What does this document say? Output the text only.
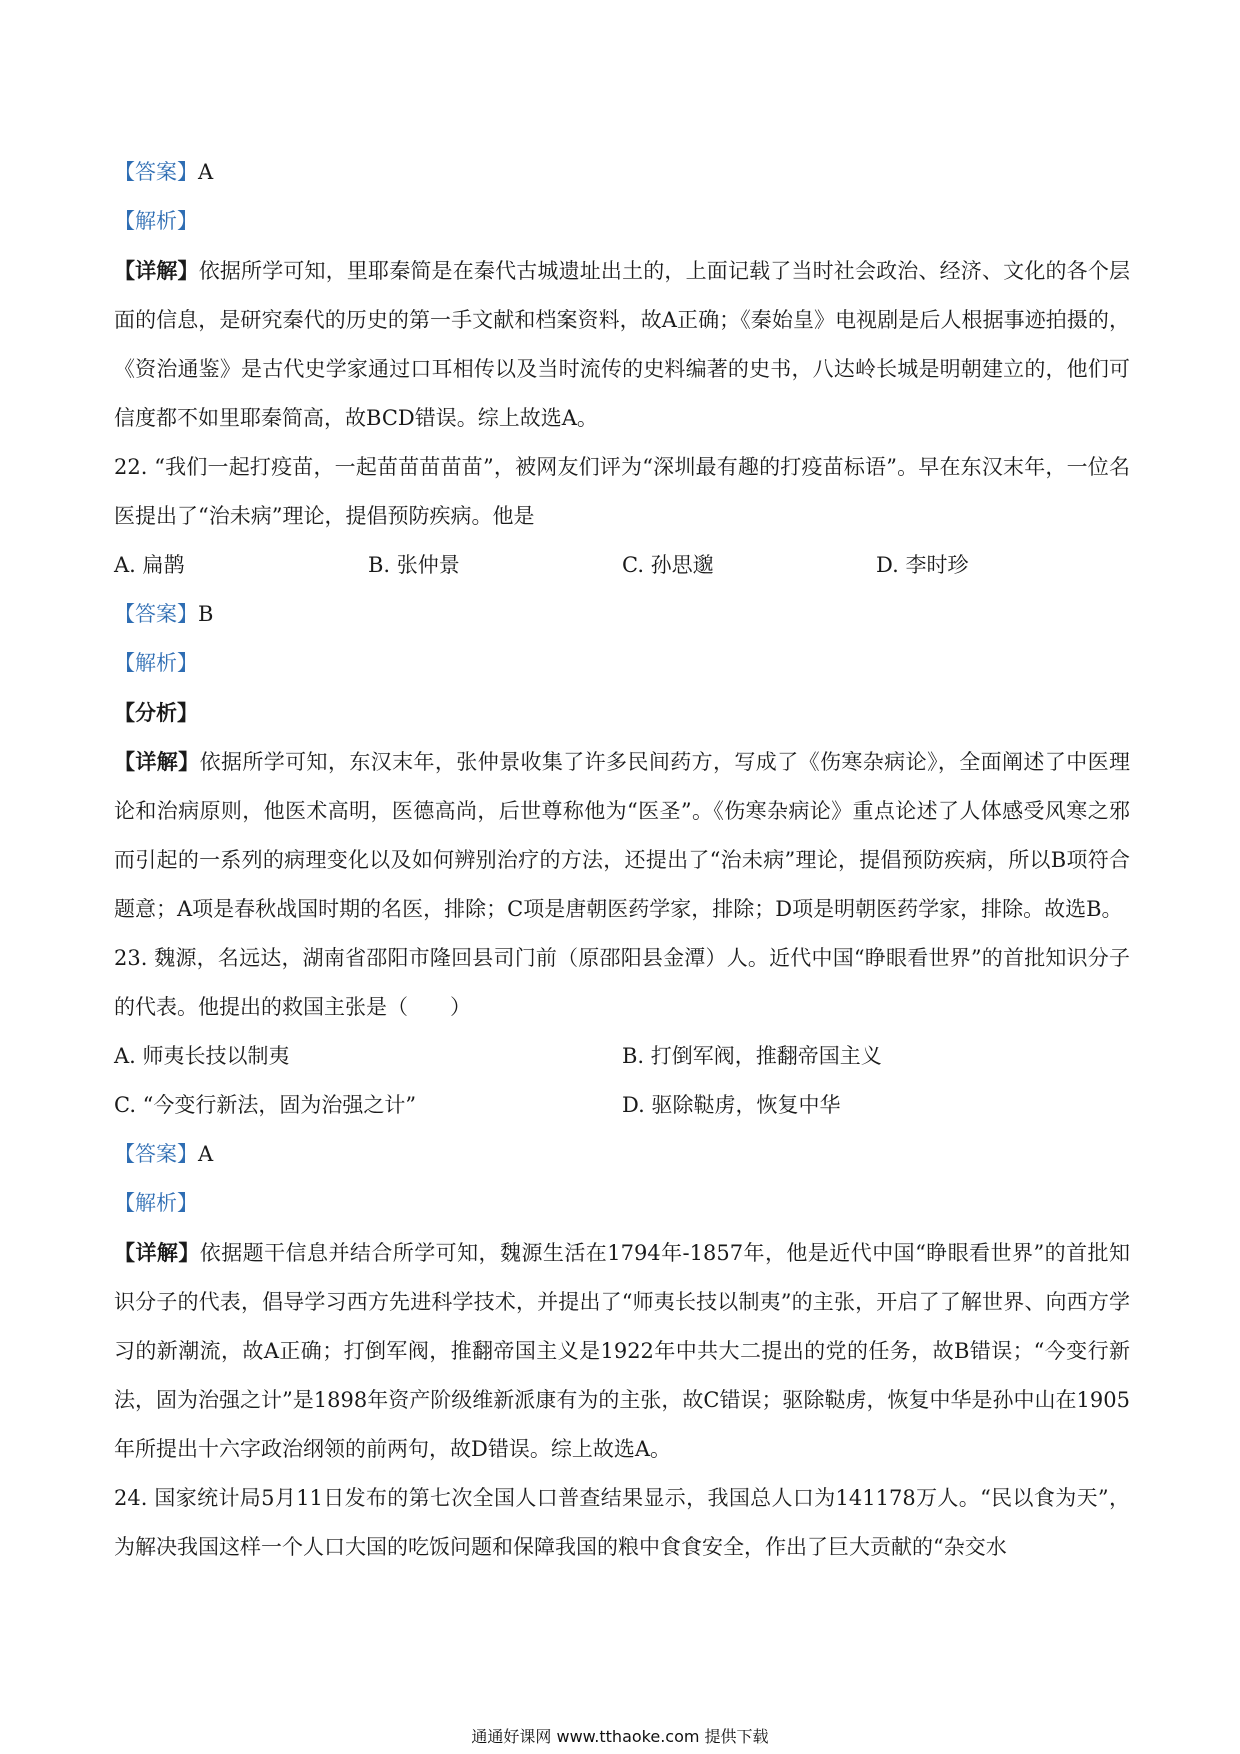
【答案】A
【解析】
【详解】依据所学可知，里耶秦简是在秦代古城遗址出土的，上面记载了当时社会政治、经济、文化的各个层面的信息，是研究秦代的历史的第一手文献和档案资料，故A正确；《秦始皇》电视剧是后人根据事迹拍摄的，《资治通鉴》是古代史学家通过口耳相传以及当时流传的史料编著的史书，八达岭长城是明朝建立的，他们可信度都不如里耶秦简高，故BCD错误。综上故选A。
22. “我们一起打疫苗，一起苗苗苗苗苗”，被网友们评为“深圳最有趣的打疫苗标语”。早在东汉末年，一位名医提出了“治未病”理论，提倡预防疾病。他是
A. 扁鹊	B. 张仲景	C. 孙思邈	D. 李时珍
【答案】B
【解析】
【分析】
【详解】依据所学可知，东汉末年，张仲景收集了许多民间药方，写成了《伤寒杂病论》，全面阐述了中医理论和治病原则，他医术高明，医德高尚，后世尊称他为“医圣”。《伤寒杂病论》重点论述了人体感受风寒之邪而引起的一系列的病理变化以及如何辨别治疗的方法，还提出了“治未病”理论，提倡预防疾病，所以B项符合题意；A项是春秋战国时期的名医，排除；C项是唐朝医药学家，排除；D项是明朝医药学家，排除。故选B。
23. 魏源，名远达，湖南省邵阳市隆回县司门前（原邵阳县金潭）人。近代中国“睁眼看世界”的首批知识分子的代表。他提出的救国主张是（　　）
A. 师夷长技以制夷	B. 打倒军阀，推翻帝国主义
C. “今变行新法，固为治强之计”	D. 驱除鞑虏，恢复中华
【答案】A
【解析】
【详解】依据题干信息并结合所学可知，魏源生活在1794年-1857年，他是近代中国“睁眼看世界”的首批知识分子的代表，倡导学习西方先进科学技术，并提出了“师夷长技以制夷”的主张，开启了了解世界、向西方学习的新潮流，故A正确；打倒军阀，推翻帝国主义是1922年中共大二提出的党的任务，故B错误；“今变行新法，固为治强之计”是1898年资产阶级维新派康有为的主张，故C错误；驱除鞑虏，恢复中华是孙中山在1905年所提出十六字政治纲领的前两句，故D错误。综上故选A。
24. 国家统计局5月11日发布的第七次全国人口普查结果显示，我国总人口为141178万人。“民以食为天”，为解决我国这样一个人口大国的吃饭问题和保障我国的粮中食食安全，作出了巨大贡献的“杂交水
通通好课网 www.tthaoke.com 提供下载
